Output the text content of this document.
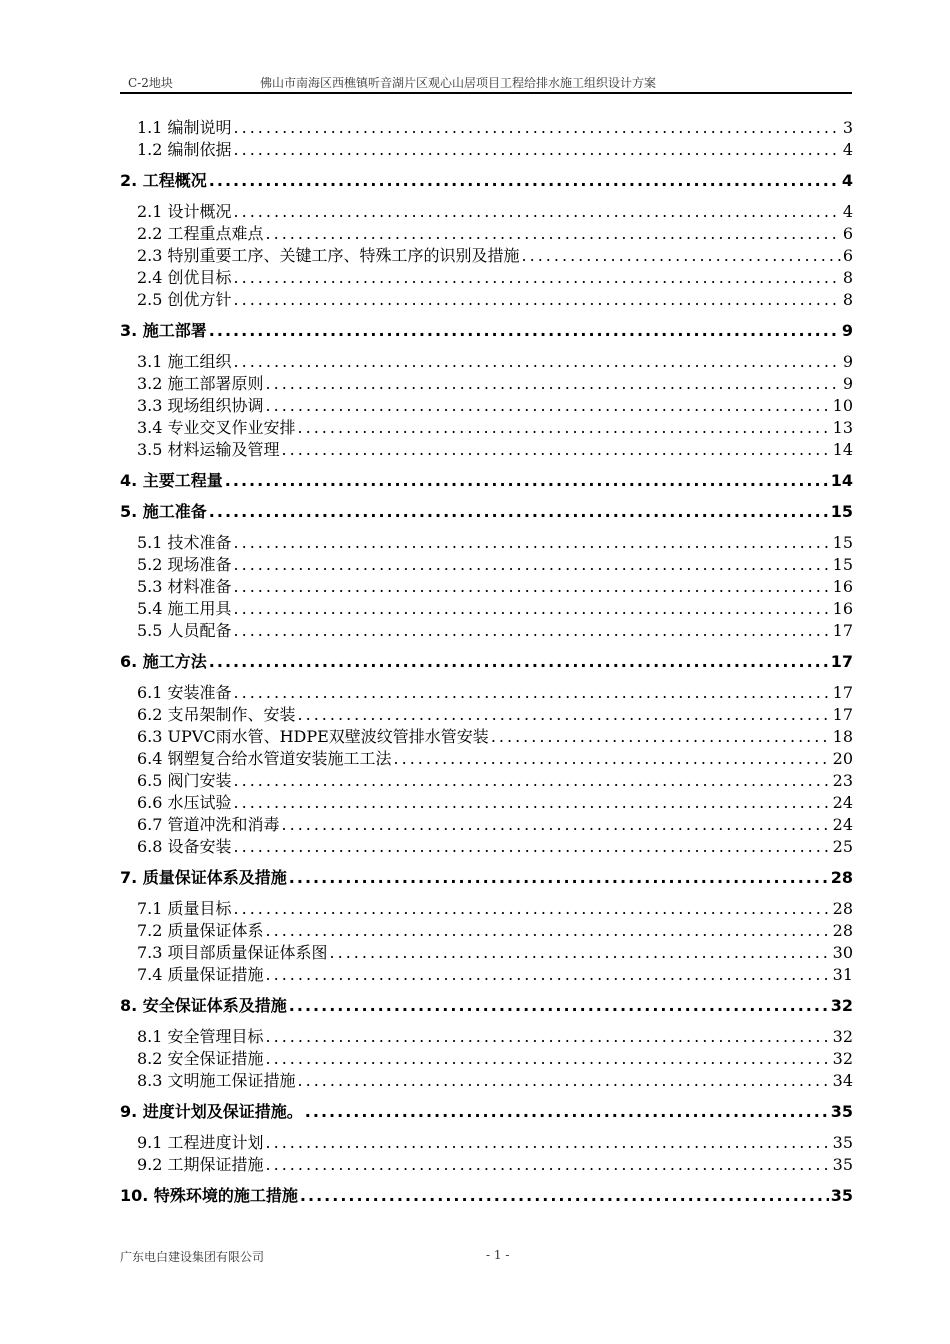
C-2地块	佛山市南海区西樵镇听音湖片区观心山居项目工程给排水施工组织设计方案
1.1 编制说明 .....	3
1.2 编制依据 .....	4
2. 工程概况 .....	4
2.1 设计概况 .....	4
2.2 工程重点难点 .....	6
2.3 特别重要工序、关键工序、特殊工序的识别及措施 .....	6
2.4 创优目标 .....	8
2.5 创优方针 .....	8
3. 施工部署 .....	9
3.1 施工组织 .....	9
3.2 施工部署原则 .....	9
3.3 现场组织协调 .....	10
3.4 专业交叉作业安排 .....	13
3.5 材料运输及管理 .....	14
4. 主要工程量 .....	14
5. 施工准备 .....	15
5.1 技术准备 .....	15
5.2 现场准备 .....	15
5.3 材料准备 .....	16
5.4 施工用具 .....	16
5.5 人员配备 .....	17
6. 施工方法 .....	17
6.1 安装准备 .....	17
6.2 支吊架制作、安装 .....	17
6.3 UPVC雨水管、HDPE双壁波纹管排水管安装 .....	18
6.4 钢塑复合给水管道安装施工工法 .....	20
6.5 阀门安装 .....	23
6.6 水压试验 .....	24
6.7 管道冲洗和消毒 .....	24
6.8 设备安装 .....	25
7. 质量保证体系及措施 .....	28
7.1 质量目标 .....	28
7.2 质量保证体系 .....	28
7.3 项目部质量保证体系图 .....	30
7.4 质量保证措施 .....	31
8. 安全保证体系及措施 .....	32
8.1 安全管理目标 .....	32
8.2 安全保证措施 .....	32
8.3 文明施工保证措施 .....	34
9. 进度计划及保证措施。 .....	35
9.1 工程进度计划 .....	35
9.2 工期保证措施 .....	35
10. 特殊环境的施工措施 .....	35
广东电白建设集团有限公司	- 1 -
